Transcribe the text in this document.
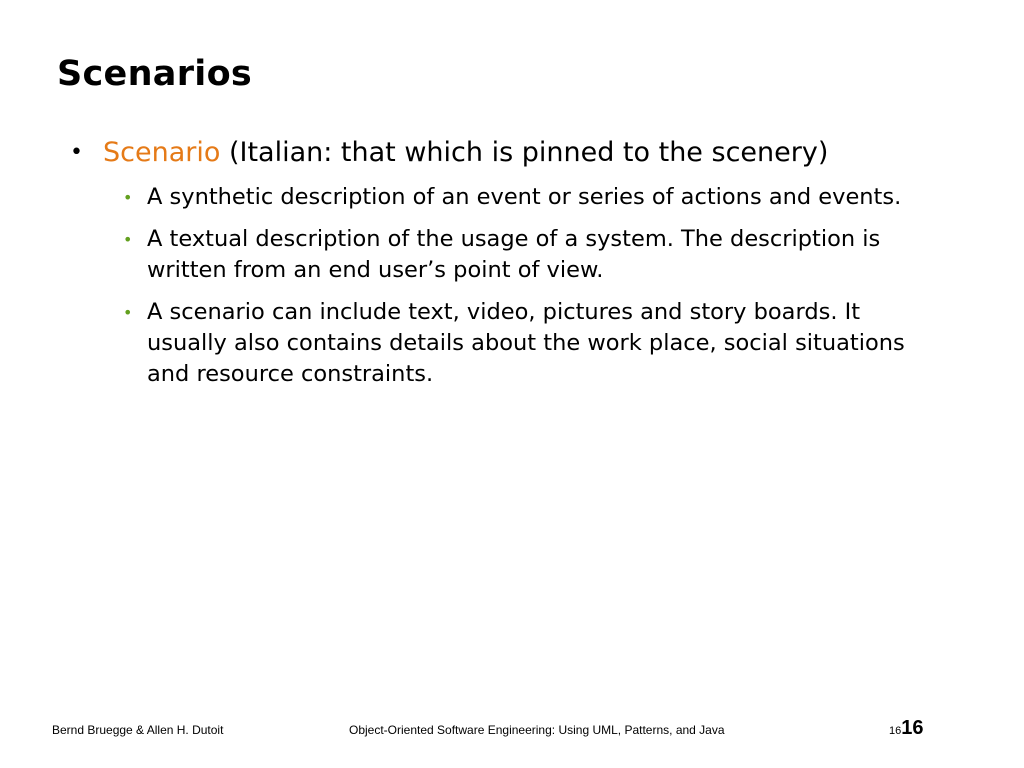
Scenarios
• Scenario (Italian: that which is pinned to the scenery)
• A synthetic description of an event or series of actions and events.
• A textual description of the usage of a system. The description is written from an end user’s point of view.
• A scenario can include text, video, pictures and story boards. It usually also contains details about the work place, social situations and resource constraints.
Bernd Bruegge & Allen H. Dutoit	Object-Oriented Software Engineering: Using UML, Patterns, and Java	1616
